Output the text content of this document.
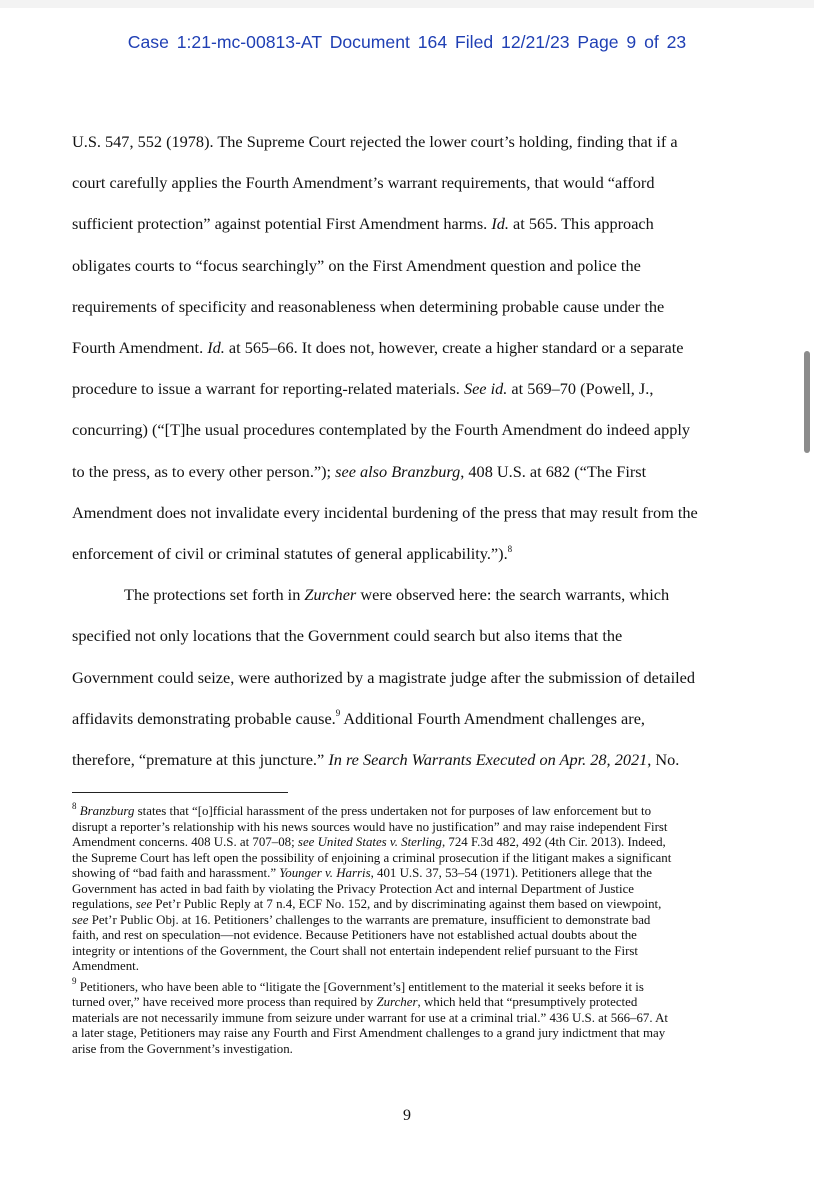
Case 1:21-mc-00813-AT Document 164 Filed 12/21/23 Page 9 of 23
U.S. 547, 552 (1978). The Supreme Court rejected the lower court’s holding, finding that if a
court carefully applies the Fourth Amendment’s warrant requirements, that would “afford
sufficient protection” against potential First Amendment harms. Id. at 565. This approach
obligates courts to “focus searchingly” on the First Amendment question and police the
requirements of specificity and reasonableness when determining probable cause under the
Fourth Amendment. Id. at 565–66. It does not, however, create a higher standard or a separate
procedure to issue a warrant for reporting-related materials. See id. at 569–70 (Powell, J.,
concurring) (“[T]he usual procedures contemplated by the Fourth Amendment do indeed apply
to the press, as to every other person.”); see also Branzburg, 408 U.S. at 682 (“The First
Amendment does not invalidate every incidental burdening of the press that may result from the
enforcement of civil or criminal statutes of general applicability.”).$^8$
The protections set forth in Zurcher were observed here: the search warrants, which
specified not only locations that the Government could search but also items that the
Government could seize, were authorized by a magistrate judge after the submission of detailed
affidavits demonstrating probable cause.$^9$ Additional Fourth Amendment challenges are,
therefore, “premature at this juncture.” In re Search Warrants Executed on Apr. 28, 2021, No.
$^8$ Branzburg states that “[o]fficial harassment of the press undertaken not for purposes of law enforcement but to
disrupt a reporter’s relationship with his news sources would have no justification” and may raise independent First
Amendment concerns. 408 U.S. at 707–08; see United States v. Sterling, 724 F.3d 482, 492 (4th Cir. 2013). Indeed,
the Supreme Court has left open the possibility of enjoining a criminal prosecution if the litigant makes a significant
showing of “bad faith and harassment.” Younger v. Harris, 401 U.S. 37, 53–54 (1971). Petitioners allege that the
Government has acted in bad faith by violating the Privacy Protection Act and internal Department of Justice
regulations, see Pet’r Public Reply at 7 n.4, ECF No. 152, and by discriminating against them based on viewpoint,
see Pet’r Public Obj. at 16. Petitioners’ challenges to the warrants are premature, insufficient to demonstrate bad
faith, and rest on speculation—not evidence. Because Petitioners have not established actual doubts about the
integrity or intentions of the Government, the Court shall not entertain independent relief pursuant to the First
Amendment.
$^9$ Petitioners, who have been able to “litigate the [Government’s] entitlement to the material it seeks before it is
turned over,” have received more process than required by Zurcher, which held that “presumptively protected
materials are not necessarily immune from seizure under warrant for use at a criminal trial.” 436 U.S. at 566–67. At
a later stage, Petitioners may raise any Fourth and First Amendment challenges to a grand jury indictment that may
arise from the Government’s investigation.
9
